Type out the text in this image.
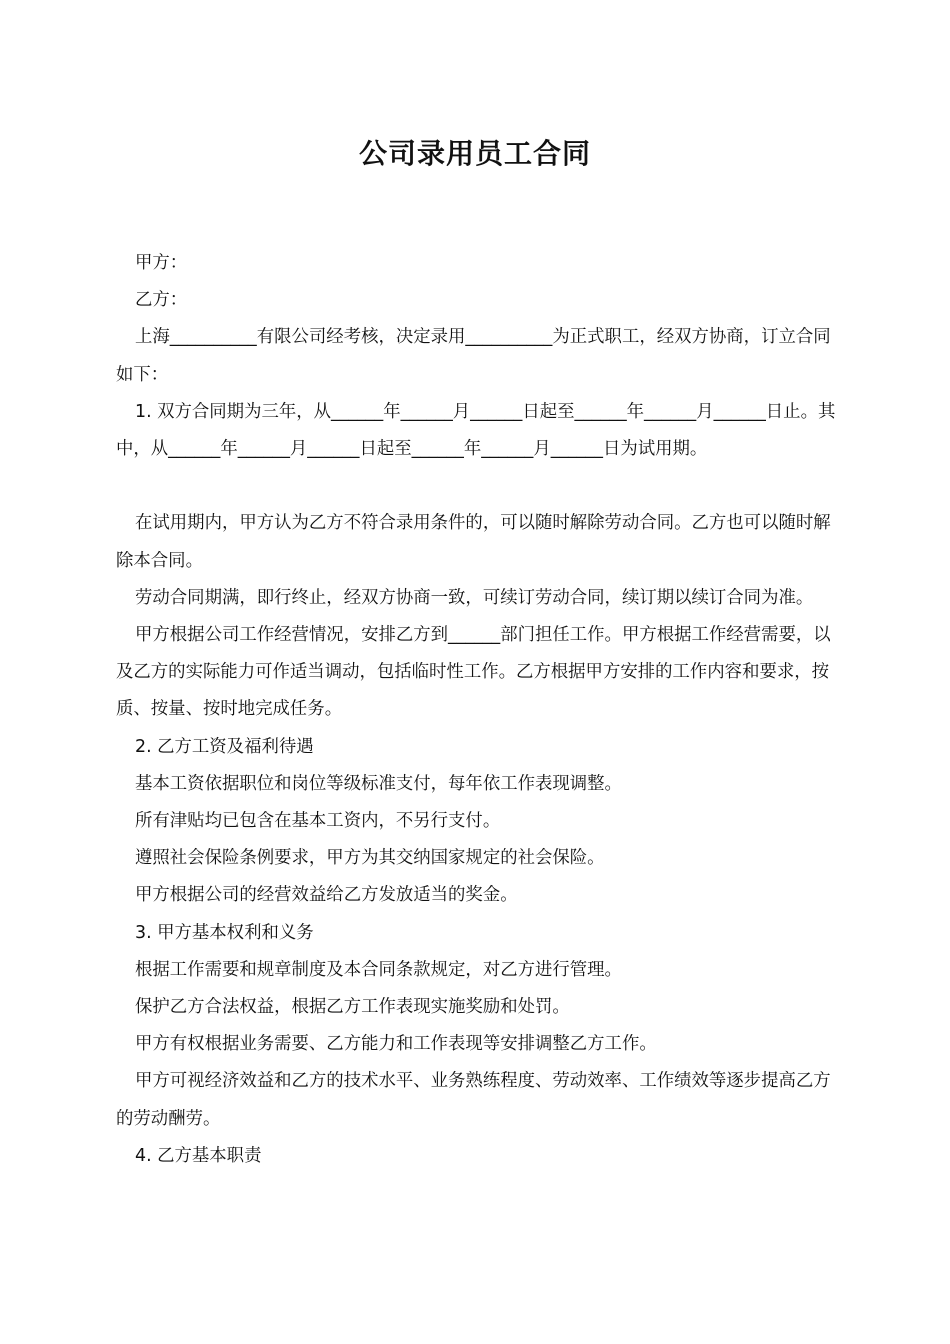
公司录用员工合同

甲方：

乙方：

上海__________有限公司经考核，决定录用__________为正式职工，经双方协商，订立合同如下：

1. 双方合同期为三年，从______年______月______日起至______年______月______日止。其中，从______年______月______日起至______年______月______日为试用期。

在试用期内，甲方认为乙方不符合录用条件的，可以随时解除劳动合同。乙方也可以随时解除本合同。

劳动合同期满，即行终止，经双方协商一致，可续订劳动合同，续订期以续订合同为准。

甲方根据公司工作经营情况，安排乙方到______部门担任工作。甲方根据工作经营需要，以及乙方的实际能力可作适当调动，包括临时性工作。乙方根据甲方安排的工作内容和要求，按质、按量、按时地完成任务。

2. 乙方工资及福利待遇

基本工资依据职位和岗位等级标准支付，每年依工作表现调整。

所有津贴均已包含在基本工资内，不另行支付。

遵照社会保险条例要求，甲方为其交纳国家规定的社会保险。

甲方根据公司的经营效益给乙方发放适当的奖金。

3. 甲方基本权利和义务

根据工作需要和规章制度及本合同条款规定，对乙方进行管理。

保护乙方合法权益，根据乙方工作表现实施奖励和处罚。

甲方有权根据业务需要、乙方能力和工作表现等安排调整乙方工作。

甲方可视经济效益和乙方的技术水平、业务熟练程度、劳动效率、工作绩效等逐步提高乙方的劳动酬劳。

4. 乙方基本职责
